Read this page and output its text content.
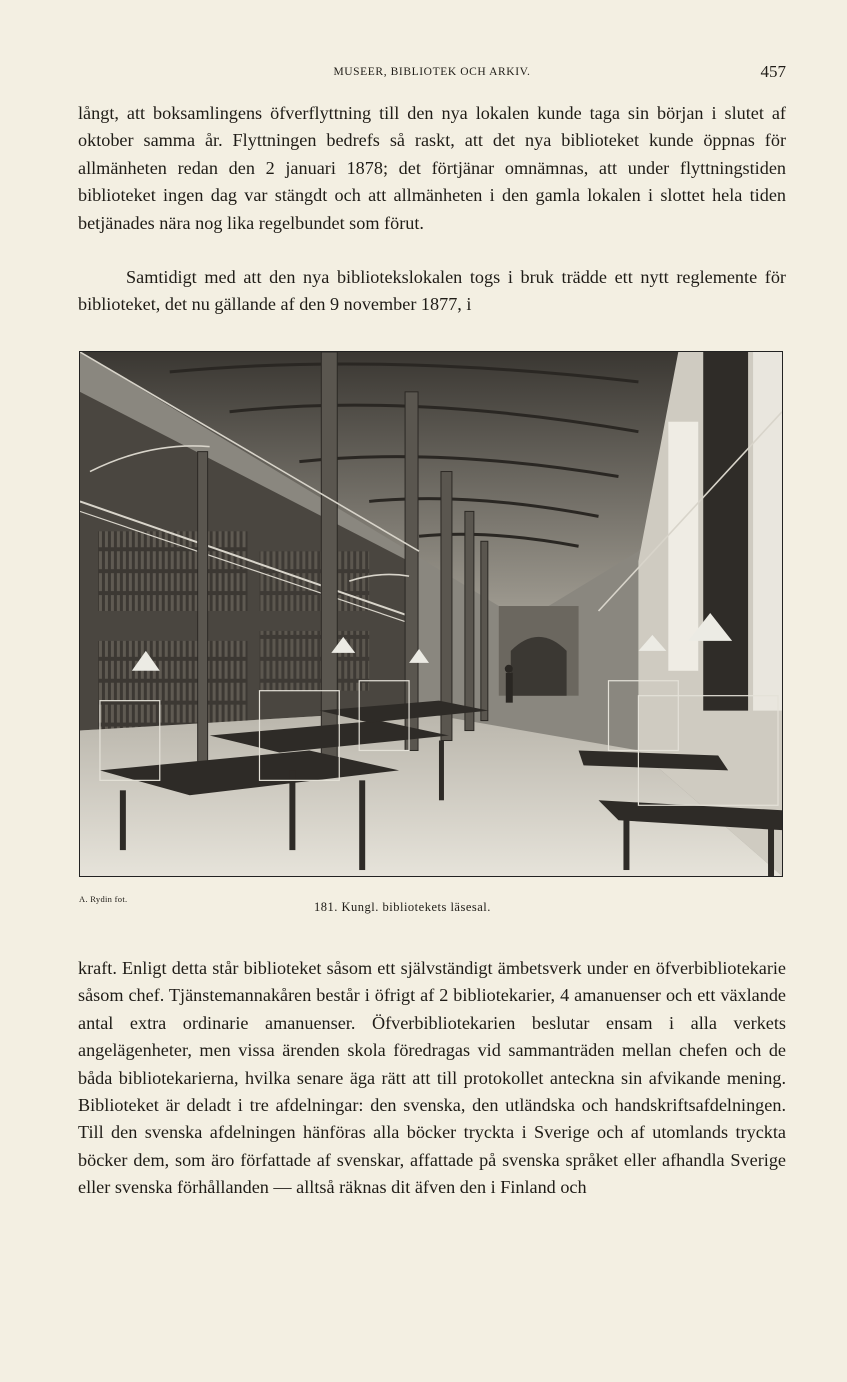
MUSEER, BIBLIOTEK OCH ARKIV.	457

långt, att boksamlingens öfverflyttning till den nya lokalen kunde taga sin början i slutet af oktober samma år. Flyttningen bedrefs så raskt, att det nya biblioteket kunde öppnas för allmänheten redan den 2 januari 1878; det förtjänar omnämnas, att under flyttningstiden biblioteket ingen dag var stängdt och att allmänheten i den gamla lokalen i slottet hela tiden betjänades nära nog lika regelbundet som förut.

Samtidigt med att den nya bibliotekslokalen togs i bruk trädde ett nytt reglemente för biblioteket, det nu gällande af den 9 november 1877, i

A. Rydin fot.
181. Kungl. bibliotekets läsesal.

kraft. Enligt detta står biblioteket såsom ett självständigt ämbetsverk under en öfverbibliotekarie såsom chef. Tjänstemannakåren består i öfrigt af 2 bibliotekarier, 4 amanuenser och ett växlande antal extra ordinarie amanuenser. Öfverbibliotekarien beslutar ensam i alla verkets angelägenheter, men vissa ärenden skola föredragas vid sammanträden mellan chefen och de båda bibliotekarierna, hvilka senare äga rätt att till protokollet anteckna sin afvikande mening. Biblioteket är deladt i tre afdelningar: den svenska, den utländska och handskriftsafdelningen. Till den svenska afdelningen hänföras alla böcker tryckta i Sverige och af utomlands tryckta böcker dem, som äro författade af svenskar, affattade på svenska språket eller afhandla Sverige eller svenska förhållanden — alltså räknas dit äfven den i Finland och
